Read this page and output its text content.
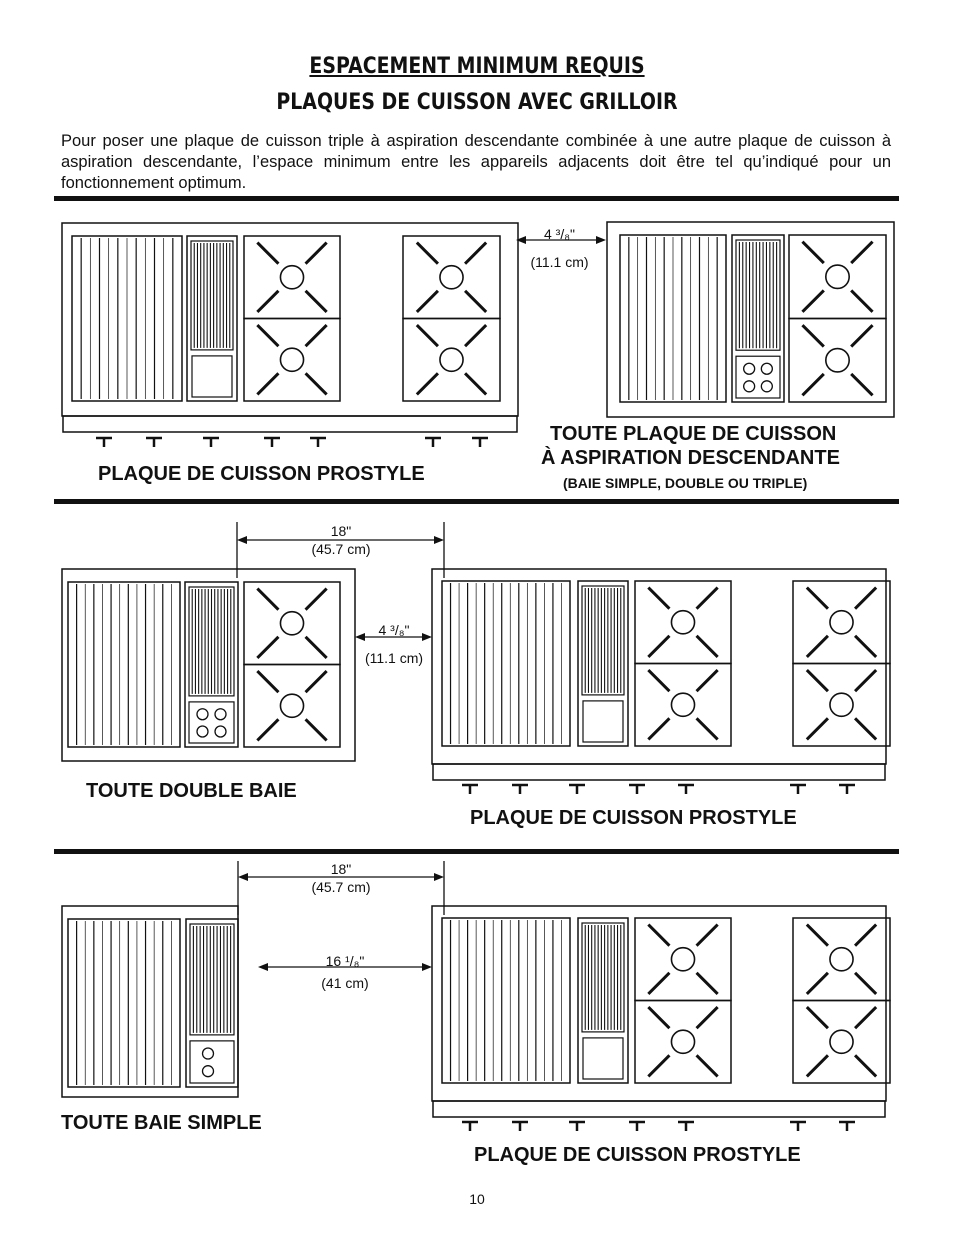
ESPACEMENT MINIMUM REQUIS
PLAQUES DE CUISSON AVEC GRILLOIR
Pour poser une plaque de cuisson triple à aspiration descendante combinée à une autre plaque de cuisson à aspiration descendante, l’espace minimum entre les appareils adjacents doit être tel qu’indiqué pour un fonctionnement optimum.
4 ³/₈"
(11.1 cm)
PLAQUE DE CUISSON PROSTYLE
TOUTE PLAQUE DE CUISSON
À ASPIRATION DESCENDANTE
(BAIE SIMPLE, DOUBLE OU TRIPLE)
18"
(45.7 cm)
4 ³/₈"
(11.1 cm)
TOUTE DOUBLE BAIE
PLAQUE DE CUISSON PROSTYLE
18"
(45.7 cm)
16 ¹/₈"
(41 cm)
TOUTE BAIE SIMPLE
PLAQUE DE CUISSON PROSTYLE
10
